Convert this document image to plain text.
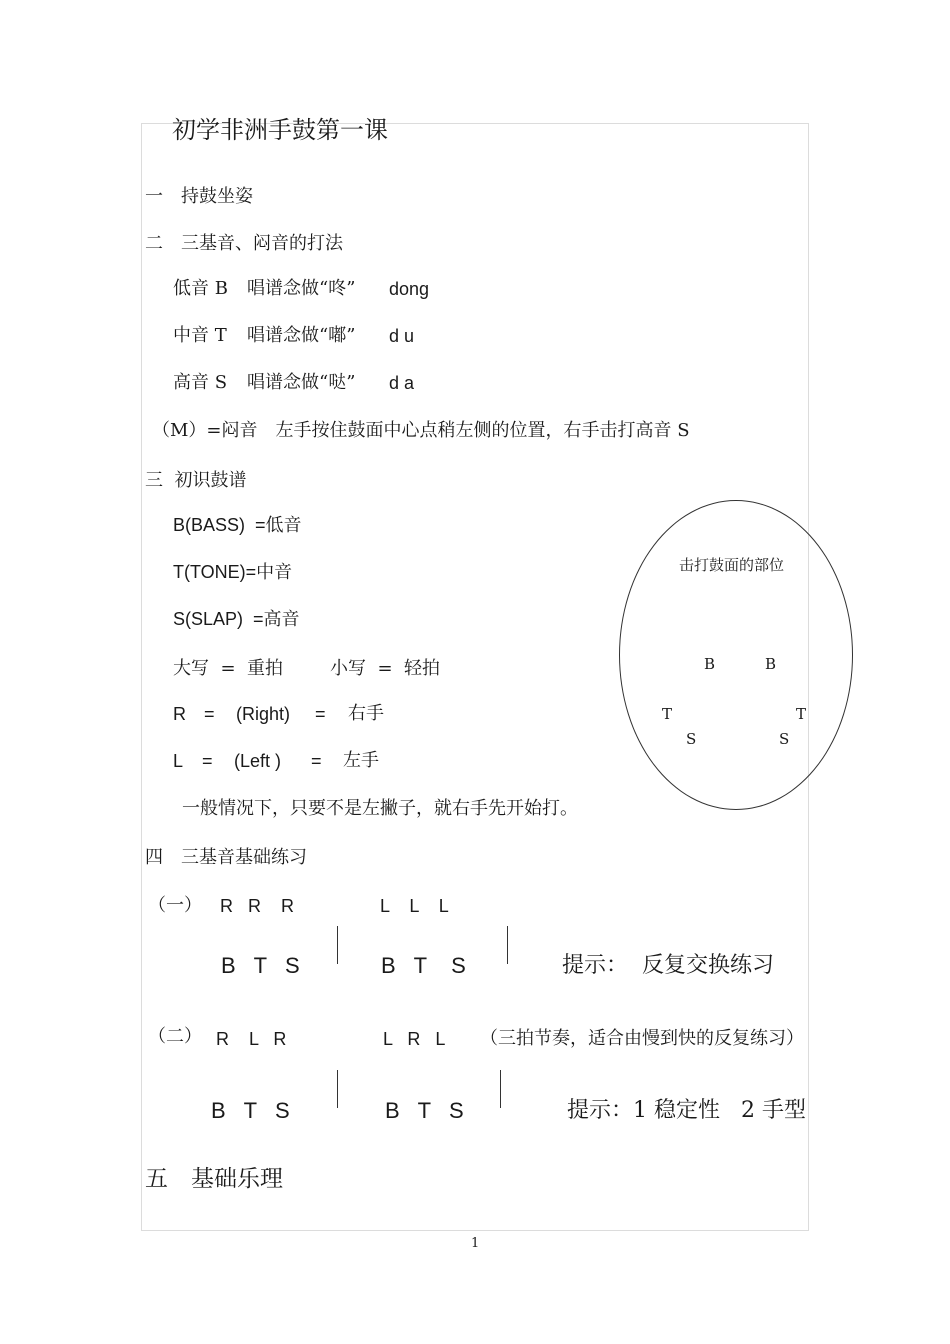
初学非洲手鼓第一课
一　持鼓坐姿
二　三基音、闷音的打法
低音 B 唱谱念做“咚” dong
中音 T 唱谱念做“嘟” d u
高音 S 唱谱念做“哒” d a
（M）=闷音　左手按住鼓面中心点稍左侧的位置，右手击打高音 S
三  初识鼓谱
B(BASS)  =低音
T(TONE)=中音
S(SLAP)  =高音
大写  =  重拍	小写  =  轻拍
R = (Right) = 右手
L = (Left ) = 左手
一般情况下，只要不是左撇子，就右手先开始打。
击打鼓面的部位
B	B
T	T
S	S
四　三基音基础练习
（一） R   R    R	L    L    L
B   T   S	B   T    S	提示：  反复交换练习
（二） R    L   R	L   R   L （三拍节奏，适合由慢到快的反复练习）
B   T   S	B   T   S	提示：1 稳定性   2 手型
五　基础乐理
1
